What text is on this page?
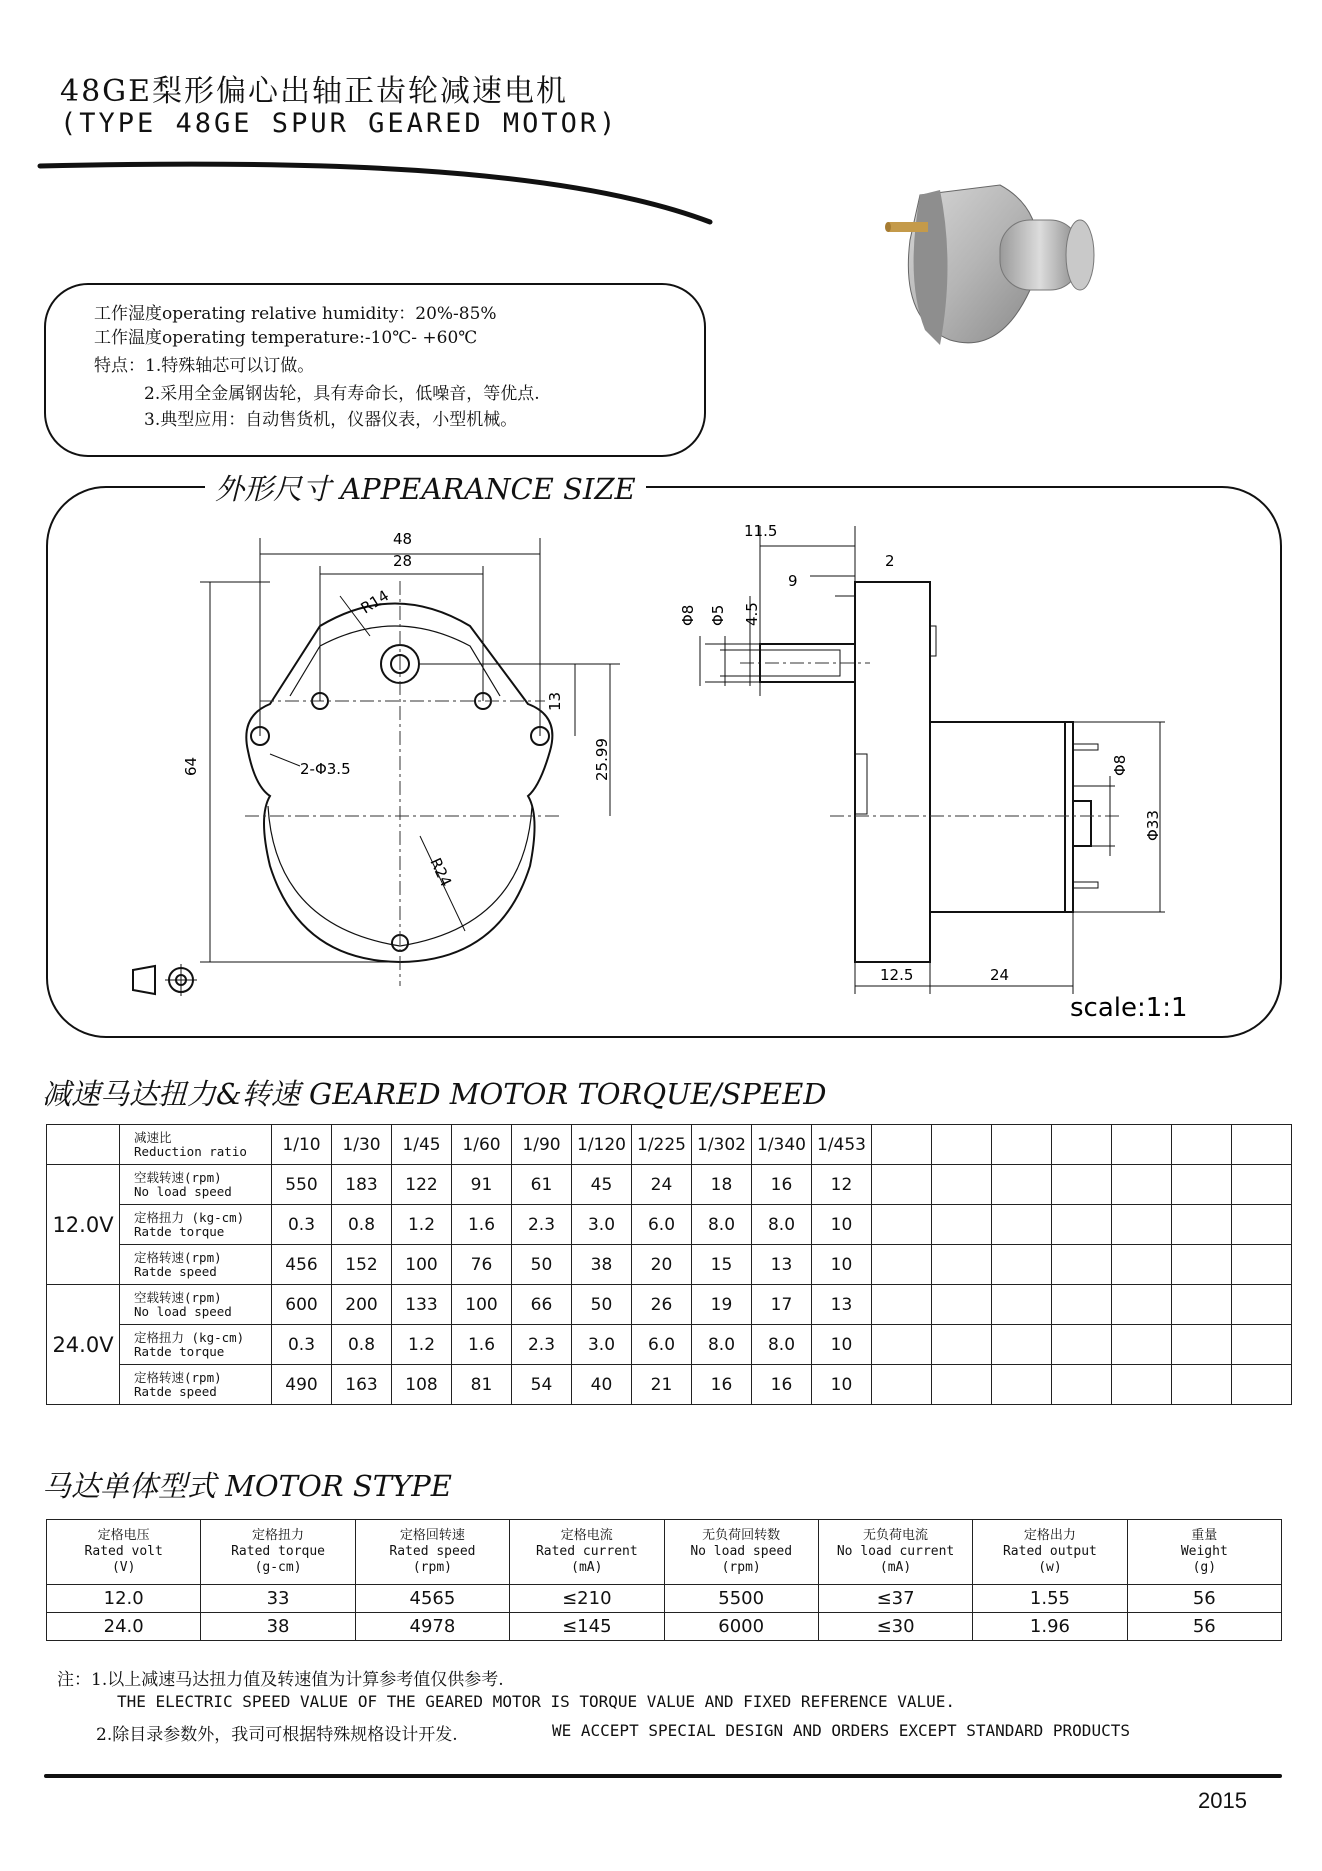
48GE梨形偏心出轴正齿轮减速电机
(TYPE 48GE SPUR GEARED MOTOR)
工作湿度operating relative humidity：20%-85%
工作温度operating temperature:-10℃- +60℃
特点：1.特殊轴芯可以订做。
2.采用全金属钢齿轮，具有寿命长，低噪音，等优点.
3.典型应用：自动售货机，仪器仪表，小型机械。
外形尺寸 APPEARANCE SIZE
48
28
R14
64
13
25.99
2-Φ3.5
R24
11.5
2
9
4.5
Φ8 Φ5
Φ8
Φ33
12.5	24
scale:1:1
减速马达扭力&转速 GEARED MOTOR TORQUE/SPEED
	减速比
Reduction ratio	1/10	1/30	1/45	1/60	1/90	1/120	1/225	1/302	1/340	1/453							
12.0V	空载转速(rpm)
No load speed	550	183	122	91	61	45	24	18	16	12							
	定格扭力 (kg-cm)
Ratde torque	0.3	0.8	1.2	1.6	2.3	3.0	6.0	8.0	8.0	10							
	定格转速(rpm)
Ratde speed	456	152	100	76	50	38	20	15	13	10							
24.0V	空载转速(rpm)
No load speed	600	200	133	100	66	50	26	19	17	13							
	定格扭力 (kg-cm)
Ratde torque	0.3	0.8	1.2	1.6	2.3	3.0	6.0	8.0	8.0	10							
	定格转速(rpm)
Ratde speed	490	163	108	81	54	40	21	16	16	10							
马达单体型式 MOTOR STYPE
定格电压
Rated volt
(V)	定格扭力
Rated torque
(g-cm)	定格回转速
Rated speed
(rpm)	定格电流
Rated current
(mA)	无负荷回转数
No load speed
(rpm)	无负荷电流
No load current
(mA)	定格出力
Rated output
(w)	重量
Weight
(g)
12.0	33	4565	≤210	5500	≤37	1.55	56
24.0	38	4978	≤145	6000	≤30	1.96	56
注：1.以上减速马达扭力值及转速值为计算参考值仅供参考.
THE ELECTRIC SPEED VALUE OF THE GEARED MOTOR IS TORQUE VALUE AND FIXED REFERENCE VALUE.
2.除目录参数外，我司可根据特殊规格设计开发.	WE ACCEPT SPECIAL DESIGN AND ORDERS EXCEPT STANDARD PRODUCTS
2015
